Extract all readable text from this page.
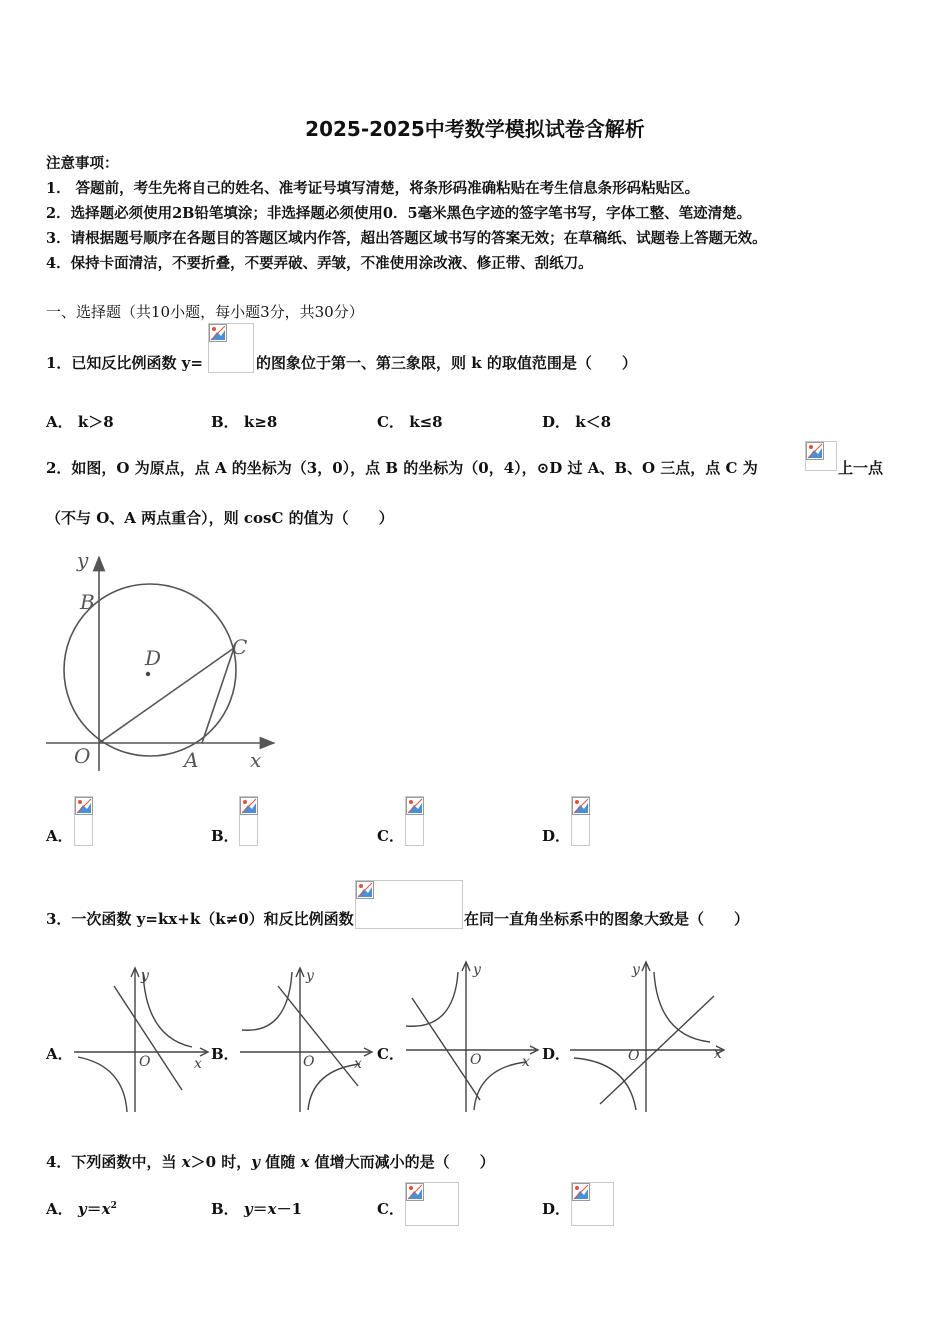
2025-2025中考数学模拟试卷含解析
注意事项：
1． 答题前，考生先将自己的姓名、准考证号填写清楚，将条形码准确粘贴在考生信息条形码粘贴区。
2．选择题必须使用2B铅笔填涂；非选择题必须使用0．5毫米黑色字迹的签字笔书写，字体工整、笔迹清楚。
3．请根据题号顺序在各题目的答题区域内作答，超出答题区域书写的答案无效；在草稿纸、试题卷上答题无效。
4．保持卡面清洁，不要折叠，不要弄破、弄皱，不准使用涂改液、修正带、刮纸刀。
一、选择题（共10小题，每小题3分，共30分）
1．已知反比例函数 y=	的图象位于第一、第三象限，则 k 的取值范围是（　　）
A． k＞8	B． k≥8	C． k≤8	D． k＜8
2．如图，O 为原点，点 A 的坐标为（3，0），点 B 的坐标为（0，4），⊙D 过 A、B、O 三点，点 C 为	上一点
（不与 O、A 两点重合），则 cosC 的值为（　　）
y
B
D	C
O	A	x
A．	B．	C．	D．
3．一次函数 y=kx+k（k≠0）和反比例函数	在同一直角坐标系中的图象大致是（　　）
A．	B．	C．	D．
y
O	x
y
O	x
y
O	x
y
O	x
4．下列函数中，当 x＞0 时，y 值随 x 值增大而减小的是（　　）
A． $y=x^2$	B． y＝x－1	C．	D．
